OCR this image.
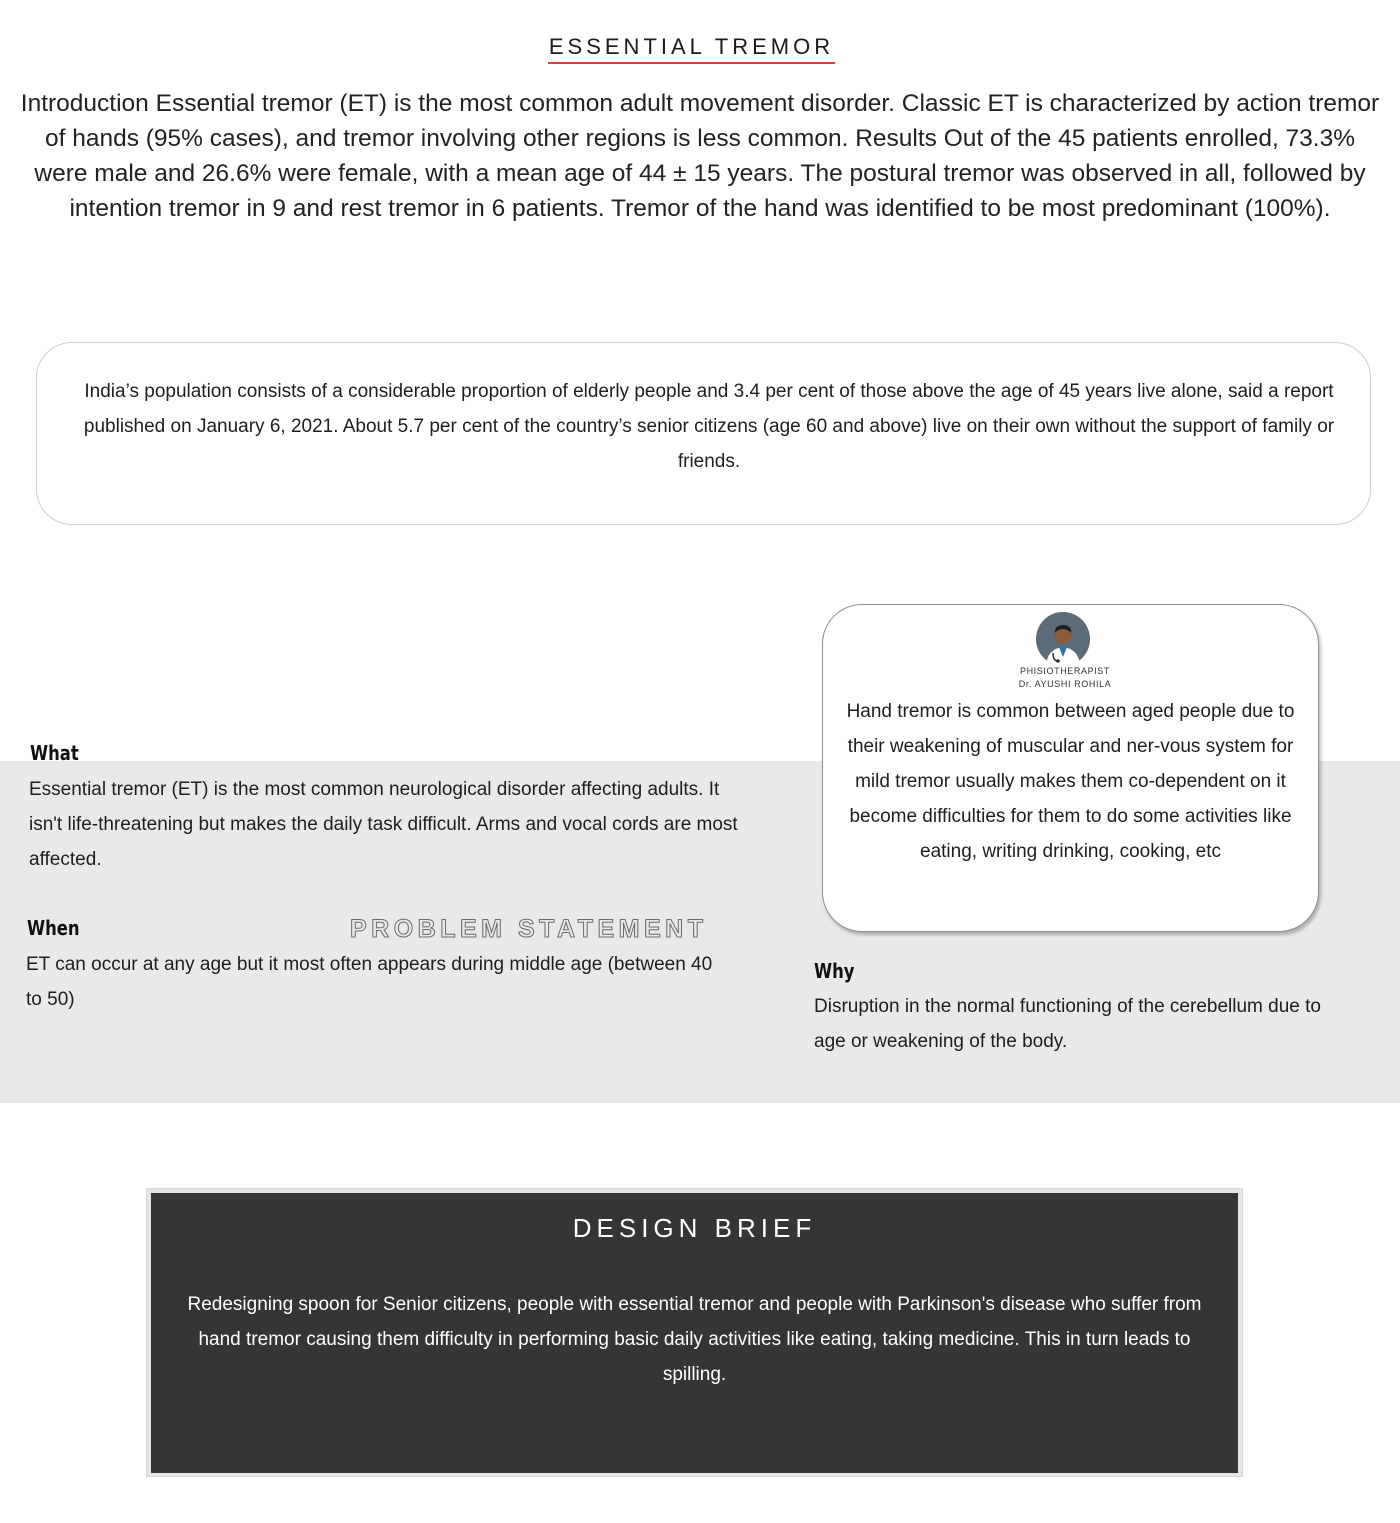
ESSENTIAL TREMOR

Introduction Essential tremor (ET) is the most common adult movement disorder. Classic ET is characterized by action tremor of hands (95% cases), and tremor involving other regions is less common. Results Out of the 45 patients enrolled, 73.3% were male and 26.6% were female, with a mean age of 44 ± 15 years. The postural tremor was observed in all, followed by intention tremor in 9 and rest tremor in 6 patients. Tremor of the hand was identified to be most predominant (100%).

India’s population consists of a considerable proportion of elderly people and 3.4 per cent of those above the age of 45 years live alone, said a report published on January 6, 2021. About 5.7 per cent of the country’s senior citizens (age 60 and above) live on their own without the support of family or friends.

What

Essential tremor (ET) is the most common neurological disorder affecting adults. It isn't life-threatening but makes the daily task difficult. Arms and vocal cords are most affected.

When	PROBLEM STATEMENT

ET can occur at any age but it most often appears during middle age (between 40 to 50)

Why

Disruption in the normal functioning of the cerebellum due to age or weakening of the body.

PHISIOTHERAPIST
Dr. AYUSHI ROHILA

Hand tremor is common between aged people due to their weakening of muscular and ner-vous system for mild tremor usually makes them co-dependent on it become difficulties for them to do some activities like eating, writing drinking, cooking, etc

DESIGN BRIEF

Redesigning spoon for Senior citizens, people with essential tremor and people with Parkinson's disease who suffer from hand tremor causing them difficulty in performing basic daily activities like eating, taking medicine. This in turn leads to spilling.
